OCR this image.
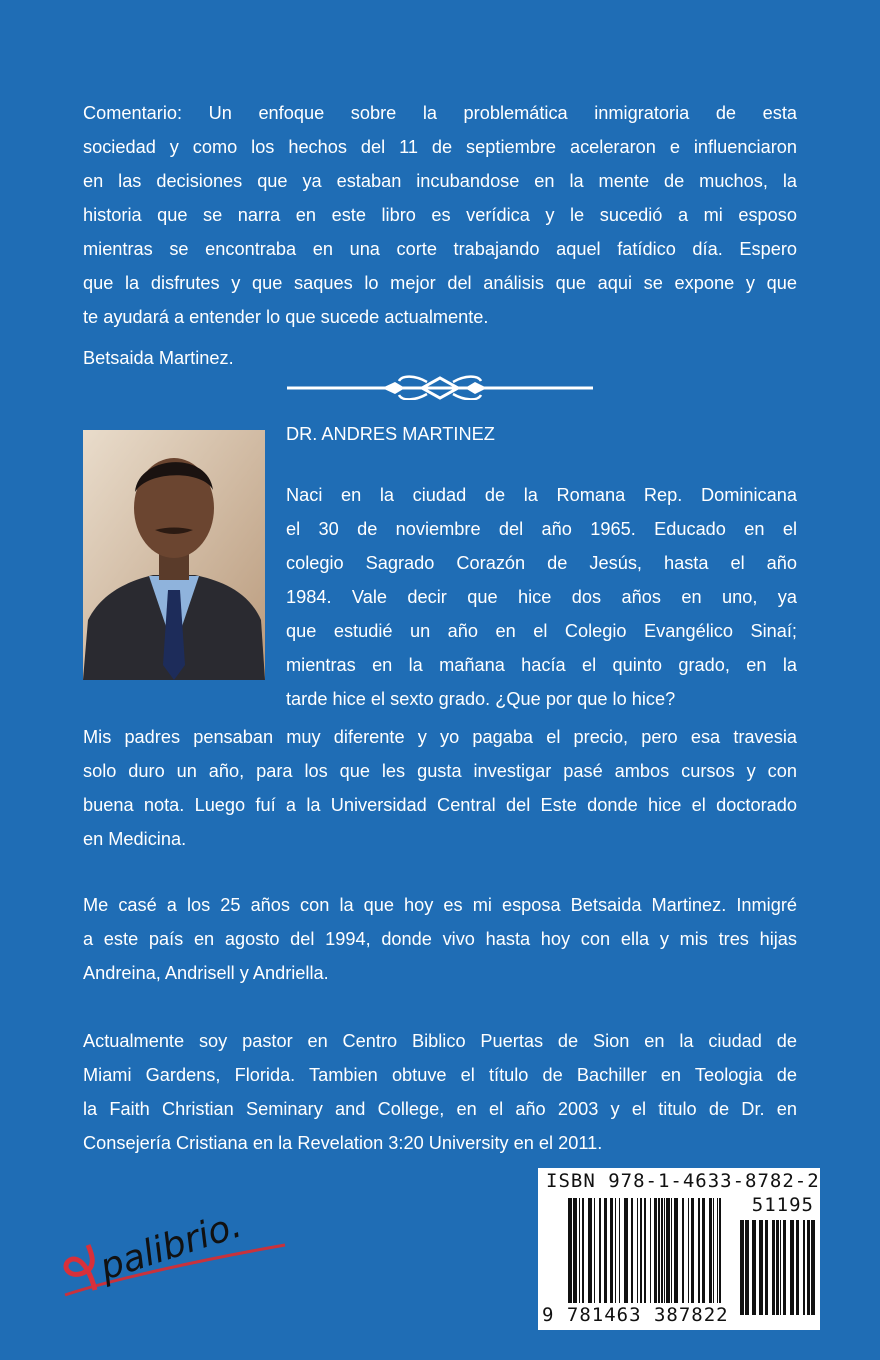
Comentario: Un enfoque sobre la problemática inmigratoria de esta
sociedad y como los hechos del 11 de septiembre aceleraron e influenciaron
en las decisiones que ya estaban incubandose en la mente de muchos, la
historia que se narra en este libro es verídica y le sucedió a mi esposo
mientras se encontraba en una corte trabajando aquel fatídico día. Espero
que la disfrutes y que saques lo mejor del análisis que aqui se expone y que
te ayudará a entender lo que sucede actualmente.
Betsaida Martinez.
DR. ANDRES MARTINEZ
Naci en la ciudad de la Romana Rep. Dominicana
el 30 de noviembre del año 1965. Educado en el
colegio Sagrado Corazón de Jesús, hasta el año
1984. Vale decir que hice dos años en uno, ya
que estudié un año en el Colegio Evangélico Sinaí;
mientras en la mañana hacía el quinto grado, en la
tarde hice el sexto grado. ¿Que por que lo hice?
Mis padres pensaban muy diferente y yo pagaba el precio, pero esa travesia
solo duro un año, para los que les gusta investigar pasé ambos cursos y con
buena nota. Luego fuí a la Universidad Central del Este donde hice el doctorado
en Medicina.
Me casé a los 25 años con la que hoy es mi esposa Betsaida Martinez. Inmigré
a este país en agosto del 1994, donde vivo hasta hoy con ella y mis tres hijas
Andreina, Andrisell y Andriella.
Actualmente soy pastor en Centro Biblico Puertas de Sion en la ciudad de
Miami Gardens, Florida. Tambien obtuve el título de Bachiller en Teologia de
la Faith Christian Seminary and College, en el año 2003 y el titulo de Dr. en
Consejería Cristiana en la Revelation 3:20 University en el 2011.
ISBN 978-1-4633-8782-2
51195
9 781463 387822
palibrio.
